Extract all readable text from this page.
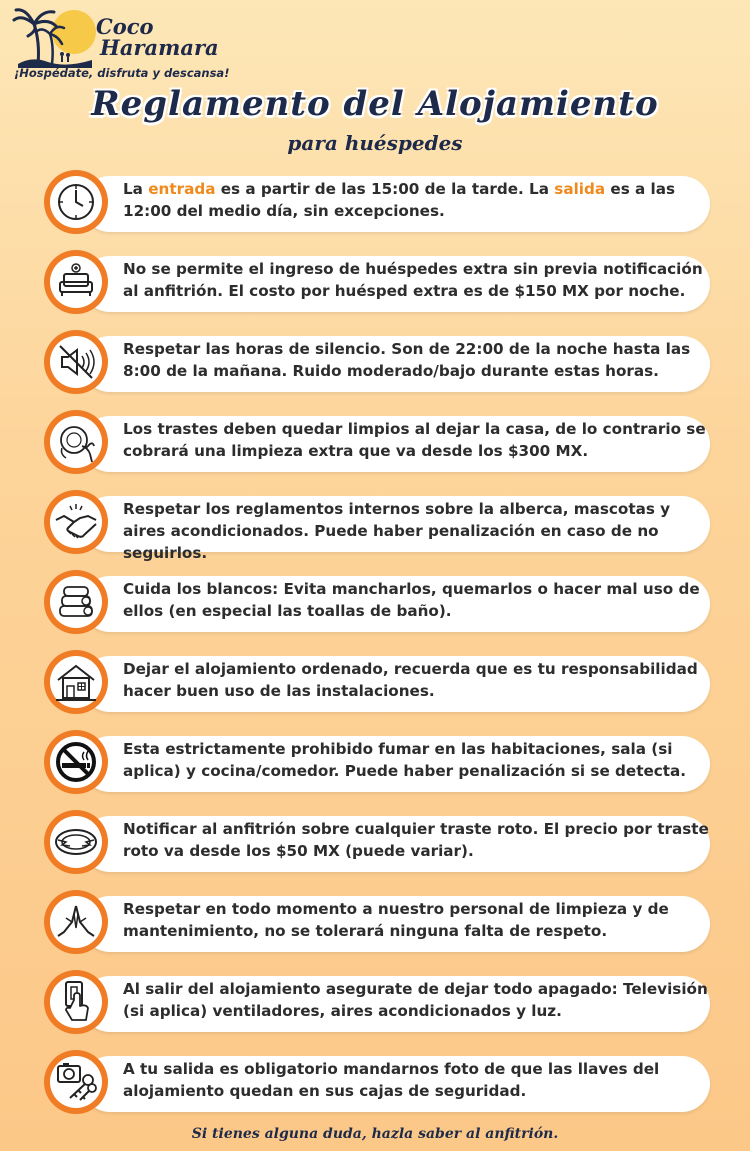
Coco
Haramara
¡Hospédate, disfruta y descansa!
Reglamento del Alojamiento
para huéspedes
La entrada es a partir de las 15:00 de la tarde. La salida es a las 12:00 del medio día, sin excepciones.
No se permite el ingreso de huéspedes extra sin previa notificación al anfitrión. El costo por huésped extra es de $150 MX por noche.
Respetar las horas de silencio. Son de 22:00 de la noche hasta las 8:00 de la mañana. Ruido moderado/bajo durante estas horas.
Los trastes deben quedar limpios al dejar la casa, de lo contrario se cobrará una limpieza extra que va desde los $300 MX.
Respetar los reglamentos internos sobre la alberca, mascotas y aires acondicionados. Puede haber penalización en caso de no seguirlos.
Cuida los blancos: Evita mancharlos, quemarlos o hacer mal uso de ellos (en especial las toallas de baño).
Dejar el alojamiento ordenado, recuerda que es tu responsabilidad hacer buen uso de las instalaciones.
Esta estrictamente prohibido fumar en las habitaciones, sala (si aplica) y cocina/comedor. Puede haber penalización si se detecta.
Notificar al anfitrión sobre cualquier traste roto. El precio por traste roto va desde los $50 MX (puede variar).
Respetar en todo momento a nuestro personal de limpieza y de mantenimiento, no se tolerará ninguna falta de respeto.
Al salir del alojamiento asegurate de dejar todo apagado: Televisión (si aplica) ventiladores, aires acondicionados y luz.
A tu salida es obligatorio mandarnos foto de que las llaves del alojamiento quedan en sus cajas de seguridad.
Si tienes alguna duda, hazla saber al anfitrión.
